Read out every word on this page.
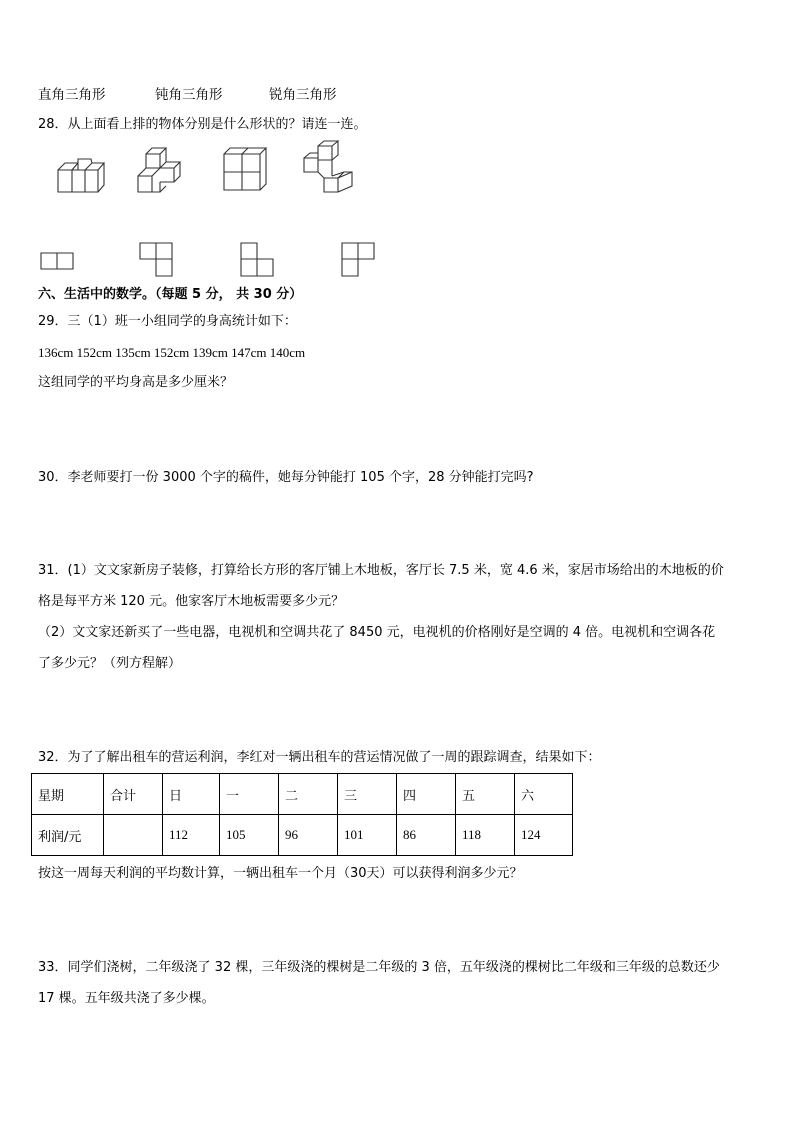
直角三角形	钝角三角形	锐角三角形
28．从上面看上排的物体分别是什么形状的？请连一连。
六、生活中的数学。（每题 5 分， 共 30 分）
29．三（1）班一小组同学的身高统计如下：
136cm 152cm 135cm 152cm 139cm 147cm 140cm
这组同学的平均身高是多少厘米？
30．李老师要打一份 3000 个字的稿件，她每分钟能打 105 个字，28 分钟能打完吗?
31．(1）文文家新房子装修，打算给长方形的客厅铺上木地板，客厅长 7.5 米，宽 4.6 米，家居市场给出的木地板的价
格是每平方米 120 元。他家客厅木地板需要多少元？
（2）文文家还新买了一些电器，电视机和空调共花了 8450 元，电视机的价格刚好是空调的 4 倍。电视机和空调各花
了多少元？（列方程解）
32．为了了解出租车的营运利润，李红对一辆出租车的营运情况做了一周的跟踪调查，结果如下：
星期	合计	日	一	二	三	四	五	六
利润/元		112	105	96	101	86	118	124
按这一周每天利润的平均数计算，一辆出租车一个月（30天）可以获得利润多少元？
33．同学们浇树，二年级浇了 32 棵，三年级浇的棵树是二年级的 3 倍，五年级浇的棵树比二年级和三年级的总数还少
17 棵。五年级共浇了多少棵。
